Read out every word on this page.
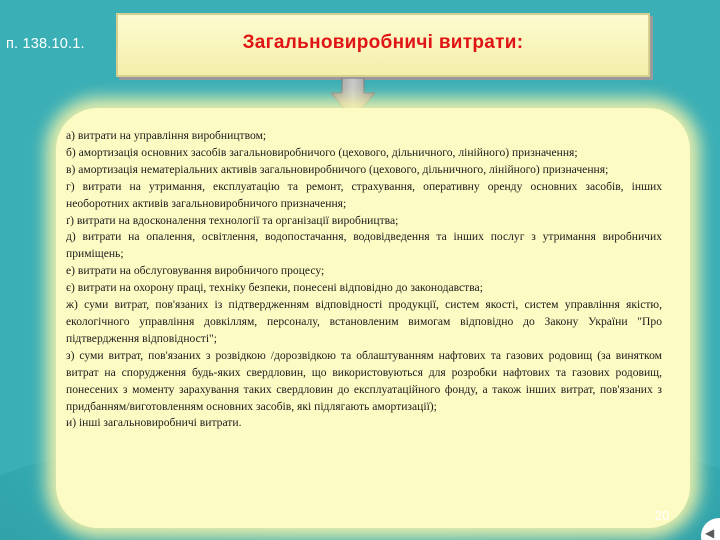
п. 138.10.1.	Загальновиробничі витрати:

а) витрати на управління виробництвом;

б) амортизація основних засобів загальновиробничого (цехового, дільничного, лінійного) призначення;

в) амортизація нематеріальних активів загальновиробничого (цехового, дільничного, лінійного) призначення;

г) витрати на утримання, експлуатацію та ремонт, страхування, оперативну оренду основних засобів, інших необоротних активів загальновиробничого призначення;

ґ) витрати на вдосконалення технології та організації виробництва;

д) витрати на опалення, освітлення, водопостачання, водовідведення та інших послуг з утримання виробничих приміщень;

е) витрати на обслуговування виробничого процесу;

є) витрати на охорону праці, техніку безпеки, понесені відповідно до законодавства;

ж) суми витрат, пов'язаних із підтвердженням відповідності продукції, систем якості, систем управління якістю, екологічного управління довкіллям, персоналу, встановленим вимогам відповідно до Закону України "Про підтвердження відповідності";

з) суми витрат, пов'язаних з розвідкою /дорозвідкою та облаштуванням нафтових та газових родовищ (за винятком витрат на спорудження будь-яких свердловин, що використовуються для розробки нафтових та газових родовищ, понесених з моменту зарахування таких свердловин до експлуатаційного фонду, а також інших витрат, пов'язаних з придбанням/виготовленням основних засобів, які підлягають амортизації);

и) інші загальновиробничі витрати.

20
◀
